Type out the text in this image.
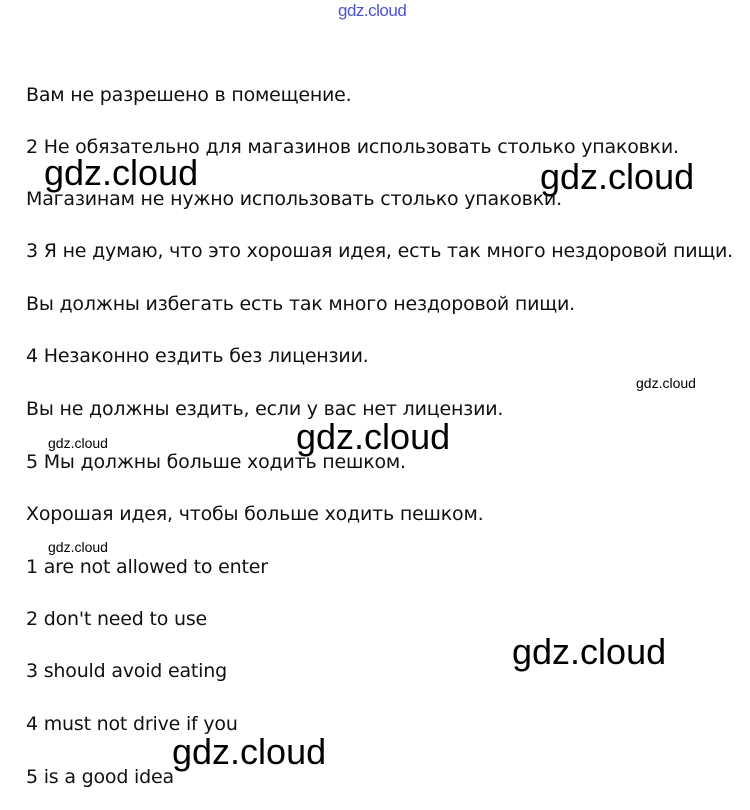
gdz.cloud
Вам не разрешено в помещение.
2 Не обязательно для магазинов использовать столько упаковки.
Магазинам не нужно использовать столько упаковки.
3 Я не думаю, что это хорошая идея, есть так много нездоровой пищи.
Вы должны избегать есть так много нездоровой пищи.
4 Незаконно ездить без лицензии.
Вы не должны ездить, если у вас нет лицензии.
5 Мы должны больше ходить пешком.
Хорошая идея, чтобы больше ходить пешком.
1 are not allowed to enter
2 don't need to use
3 should avoid eating
4 must not drive if you
5 is a good idea
gdz.cloud	gdz.cloud
gdz.cloud
gdz.cloud
gdz.cloud
gdz.cloud
gdz.cloud
gdz.cloud
